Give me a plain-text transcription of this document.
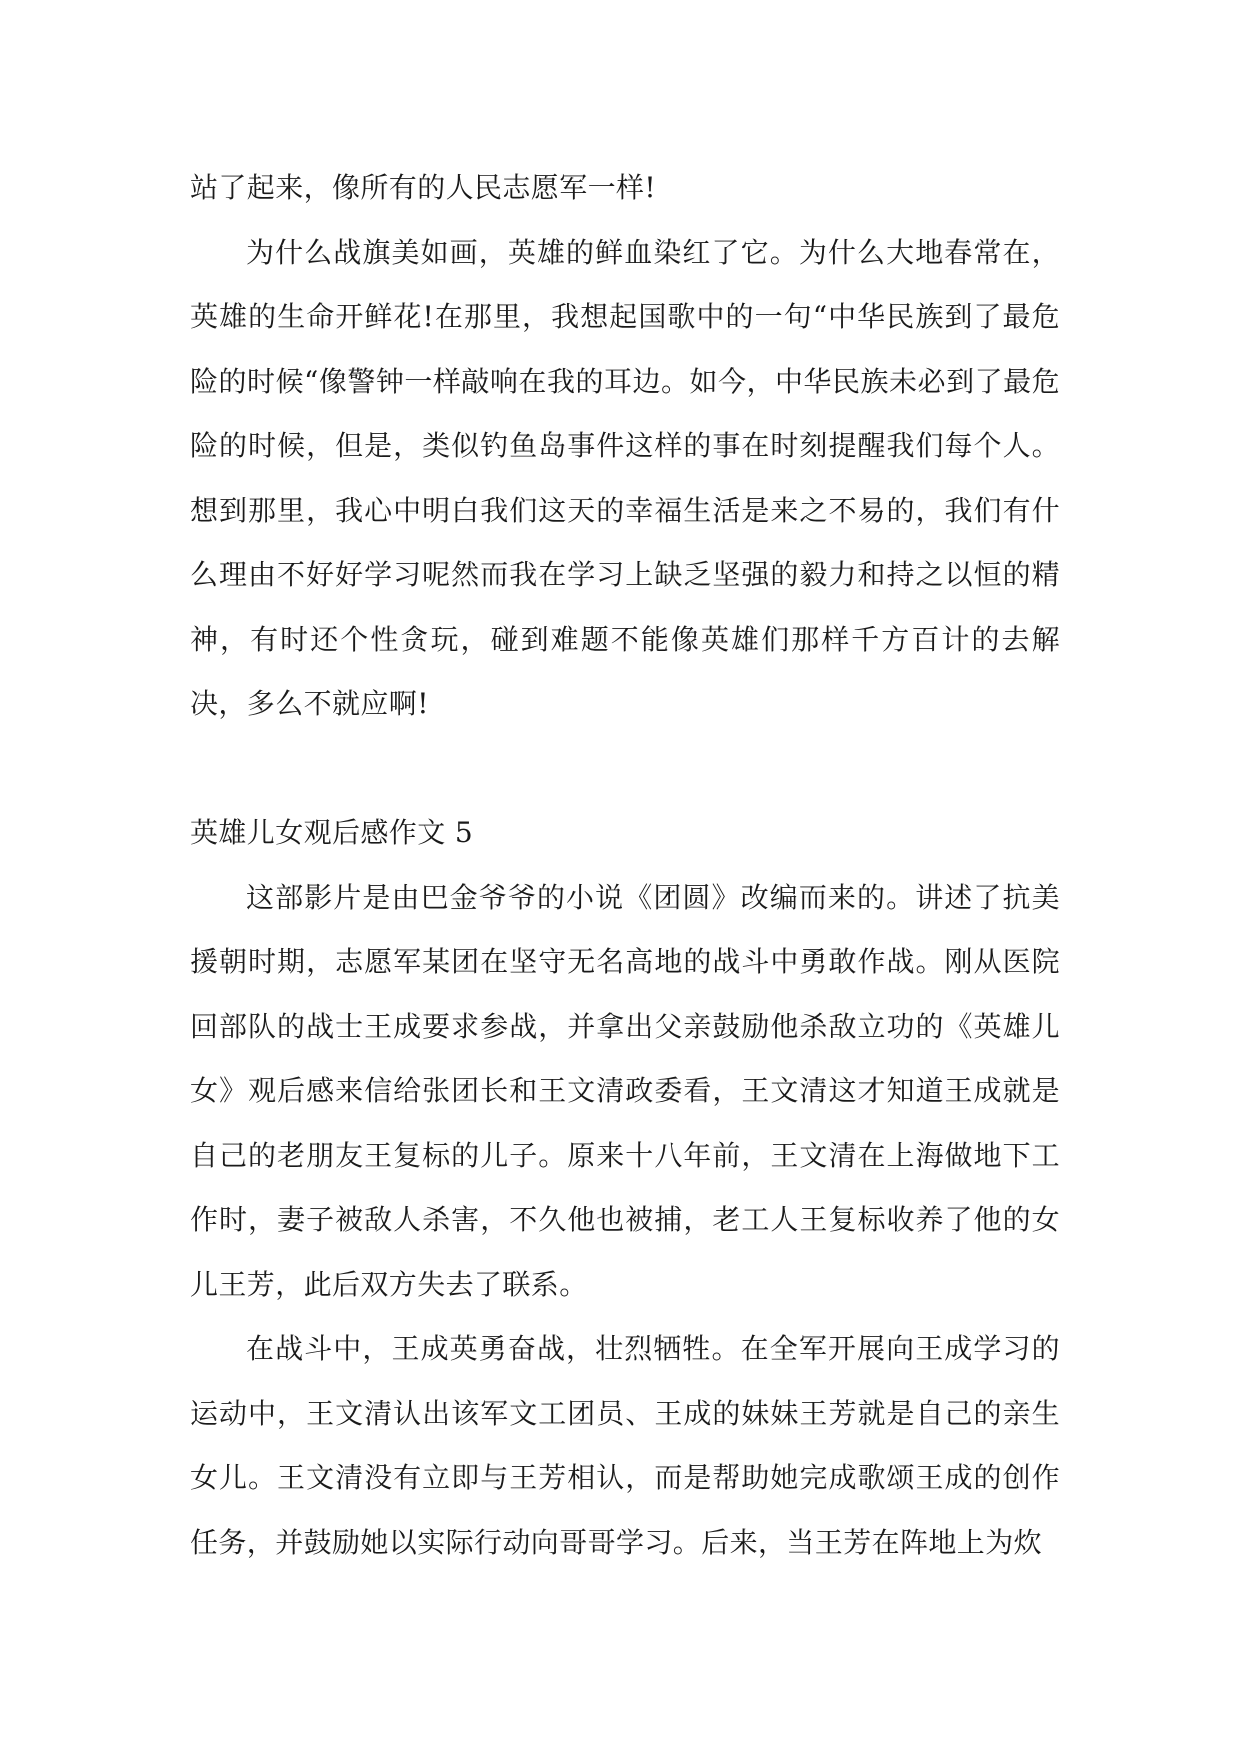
站了起来，像所有的人民志愿军一样!

为什么战旗美如画，英雄的鲜血染红了它。为什么大地春常在，英雄的生命开鲜花!在那里，我想起国歌中的一句“中华民族到了最危险的时候“像警钟一样敲响在我的耳边。如今，中华民族未必到了最危险的时候，但是，类似钓鱼岛事件这样的事在时刻提醒我们每个人。想到那里，我心中明白我们这天的幸福生活是来之不易的，我们有什么理由不好好学习呢然而我在学习上缺乏坚强的毅力和持之以恒的精神，有时还个性贪玩，碰到难题不能像英雄们那样千方百计的去解决，多么不就应啊!

英雄儿女观后感作文 5

这部影片是由巴金爷爷的小说《团圆》改编而来的。讲述了抗美援朝时期，志愿军某团在坚守无名高地的战斗中勇敢作战。刚从医院回部队的战士王成要求参战，并拿出父亲鼓励他杀敌立功的《英雄儿女》观后感来信给张团长和王文清政委看，王文清这才知道王成就是自己的老朋友王复标的儿子。原来十八年前，王文清在上海做地下工作时，妻子被敌人杀害，不久他也被捕，老工人王复标收养了他的女儿王芳，此后双方失去了联系。

在战斗中，王成英勇奋战，壮烈牺牲。在全军开展向王成学习的运动中，王文清认出该军文工团员、王成的妹妹王芳就是自己的亲生女儿。王文清没有立即与王芳相认，而是帮助她完成歌颂王成的创作任务，并鼓励她以实际行动向哥哥学习。后来，当王芳在阵地上为炊
